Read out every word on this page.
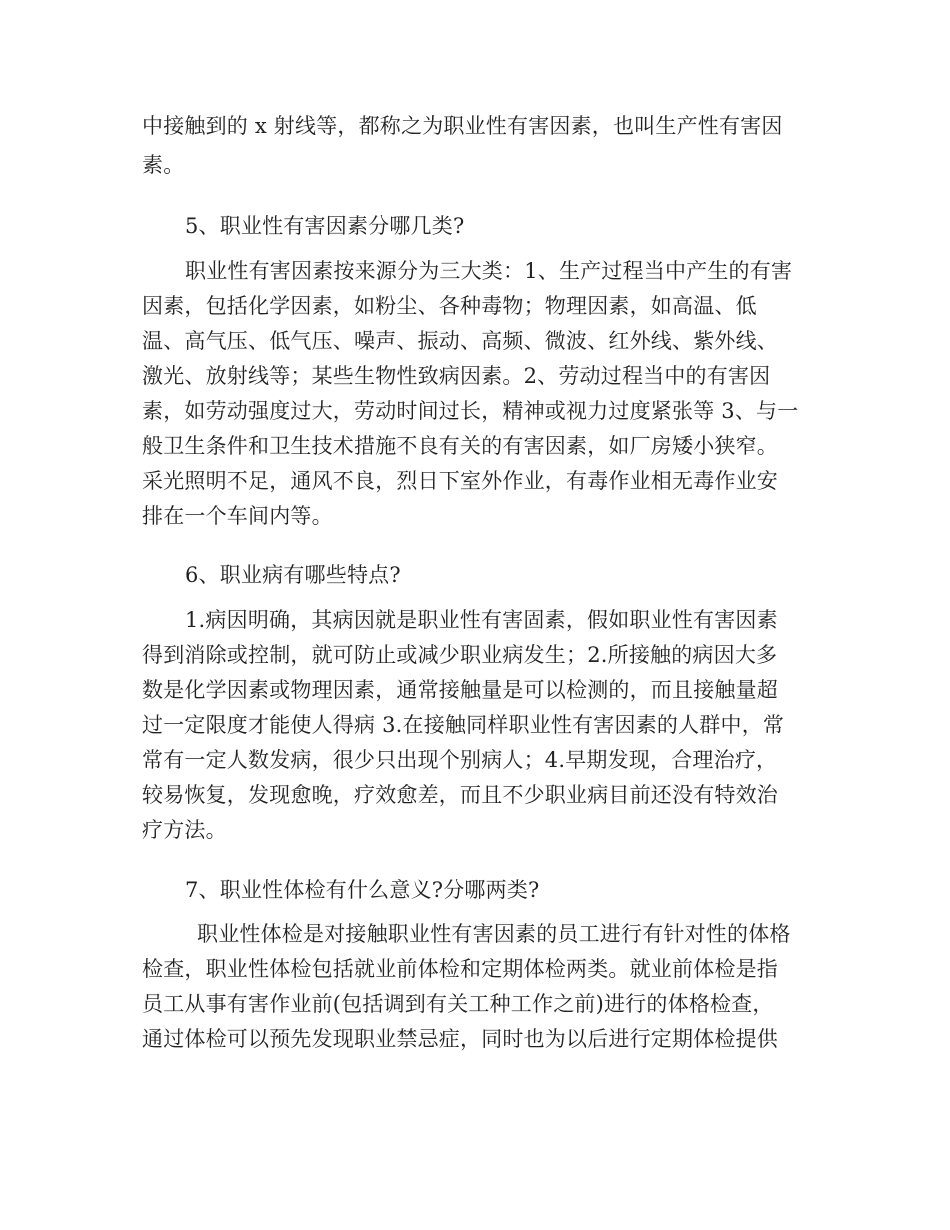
中接触到的 x 射线等，都称之为职业性有害因素，也叫生产性有害因
素。
5、职业性有害因素分哪几类?
职业性有害因素按来源分为三大类：1、生产过程当中产生的有害
因素，包括化学因素，如粉尘、各种毒物；物理因素，如高温、低
温、高气压、低气压、噪声、振动、高频、微波、红外线、紫外线、
激光、放射线等；某些生物性致病因素。2、劳动过程当中的有害因
素，如劳动强度过大，劳动时间过长，精神或视力过度紧张等 3、与一
般卫生条件和卫生技术措施不良有关的有害因素，如厂房矮小狭窄。
采光照明不足，通风不良，烈日下室外作业，有毒作业相无毒作业安
排在一个车间内等。
6、职业病有哪些特点?
1.病因明确，其病因就是职业性有害固素，假如职业性有害因素
得到消除或控制，就可防止或减少职业病发生；2.所接触的病因大多
数是化学因素或物理因素，通常接触量是可以检测的，而且接触量超
过一定限度才能使人得病 3.在接触同样职业性有害因素的人群中，常
常有一定人数发病，很少只出现个别病人；4.早期发现，合理治疗，
较易恢复，发现愈晚，疗效愈差，而且不少职业病目前还没有特效治
疗方法。
7、职业性体检有什么意义?分哪两类?
职业性体检是对接触职业性有害因素的员工进行有针对性的体格
检查，职业性体检包括就业前体检和定期体检两类。就业前体检是指
员工从事有害作业前(包括调到有关工种工作之前)进行的体格检查，
通过体检可以预先发现职业禁忌症，同时也为以后进行定期体检提供
